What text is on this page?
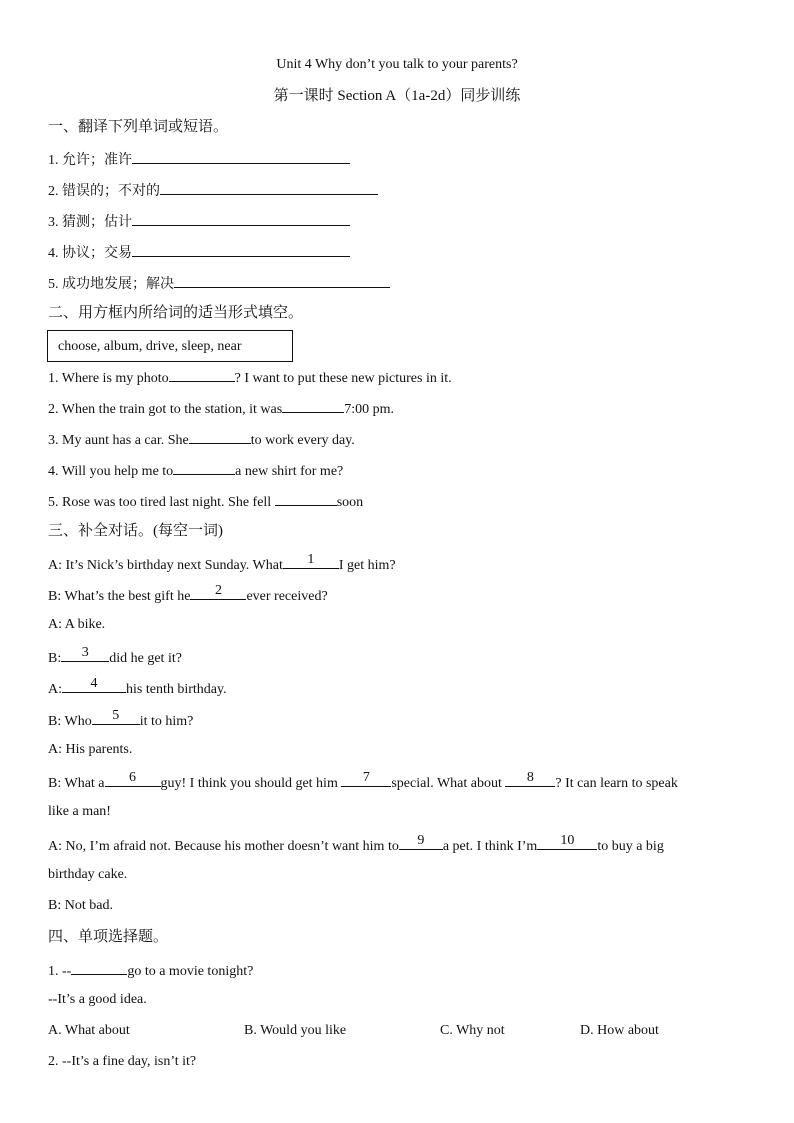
Unit 4 Why don’t you talk to your parents?
第一课时 Section A（1a-2d）同步训练
一、翻译下列单词或短语。
1. 允许；准许
2. 错误的；不对的
3. 猜测；估计
4. 协议；交易
5. 成功地发展；解决
二、用方框内所给词的适当形式填空。
choose, album, drive, sleep, near
1. Where is my photo	? I want to put these new pictures in it.
2. When the train got to the station, it was	7:00 pm.
3. My aunt has a car. She	to work every day.
4. Will you help me to	a new shirt for me?
5. Rose was too tired last night. She fell	soon
三、补全对话。(每空一词)
A: It’s Nick’s birthday next Sunday. What	1	I get him?
B: What’s the best gift he	2	ever received?
A: A bike.
B:	3	did he get it?
A:	4	his tenth birthday.
B: Who	5	it to him?
A: His parents.
B: What a	6	guy! I think you should get him	7	special. What about	8	? It can learn to speak
like a man!
A: No, I’m afraid not. Because his mother doesn’t want him to	9	a pet. I think I’m	10	to buy a big
birthday cake.
B: Not bad.
四、单项选择题。
1. --	go to a movie tonight?
--It’s a good idea.
A. What about	B. Would you like	C. Why not	D. How about
2. --It’s a fine day, isn’t it?
